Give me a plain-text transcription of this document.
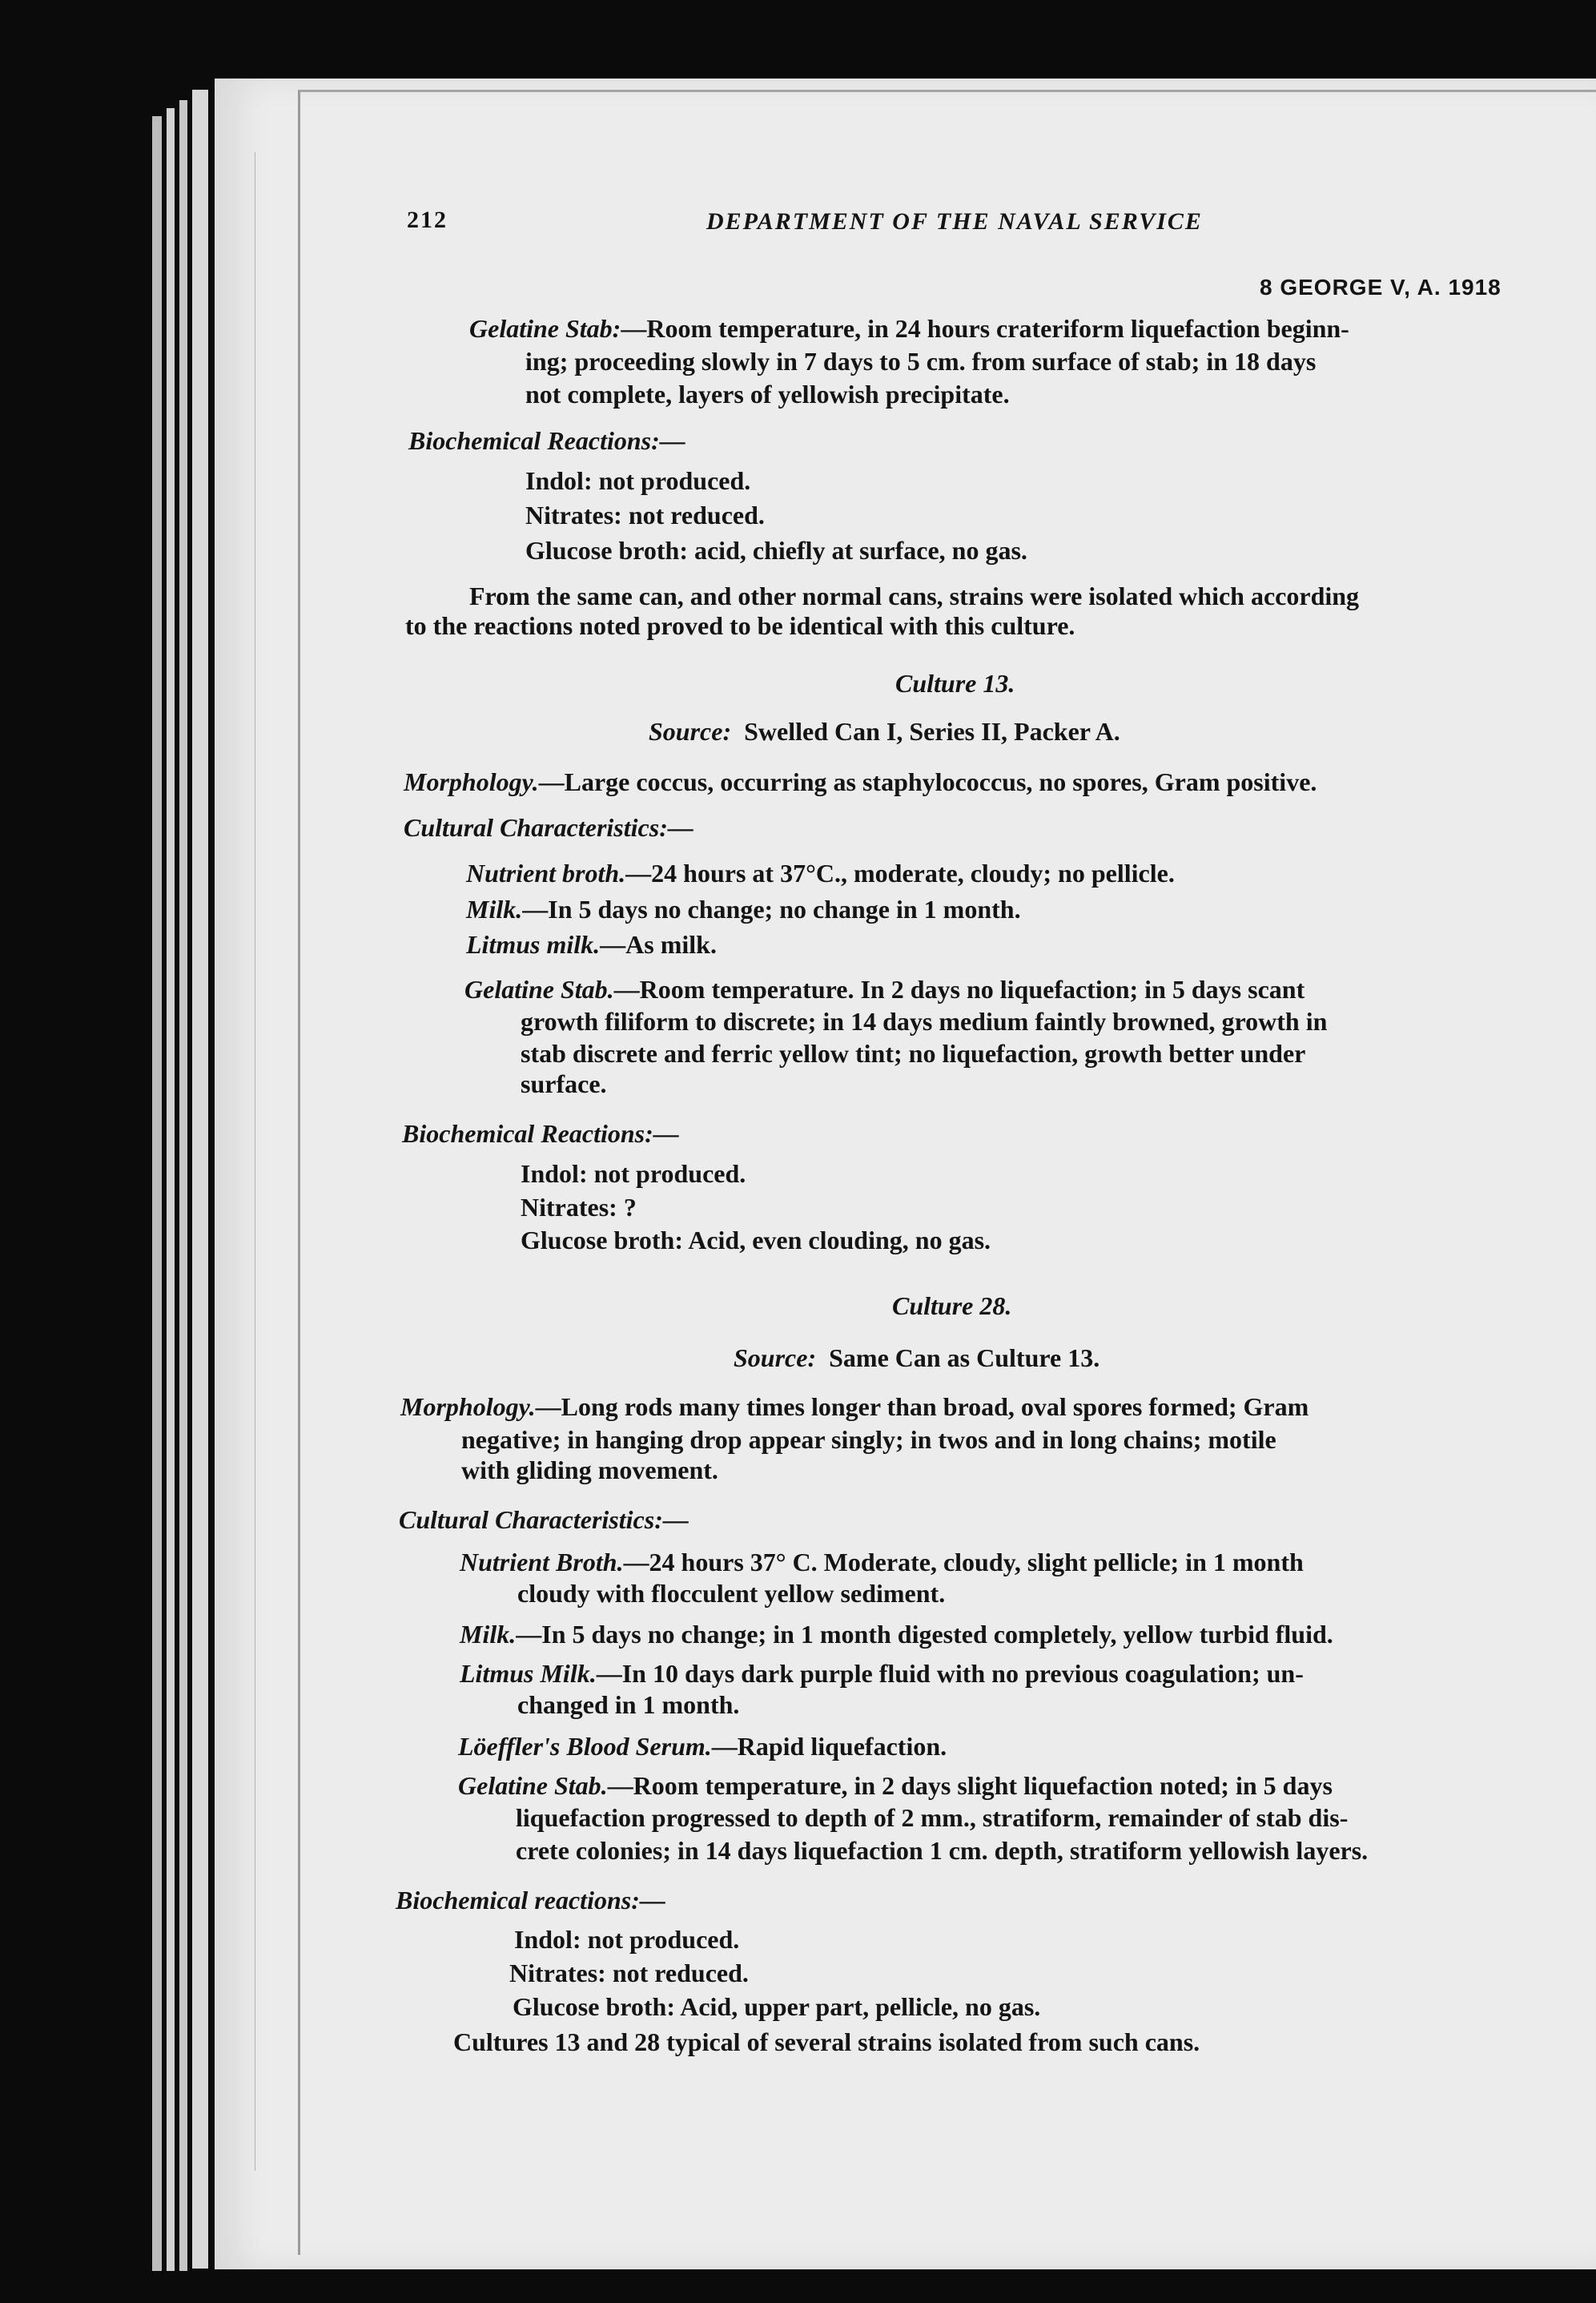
212	DEPARTMENT OF THE NAVAL SERVICE
8 GEORGE V, A. 1918
Gelatine Stab:—Room temperature, in 24 hours crateriform liquefaction beginn-
ing; proceeding slowly in 7 days to 5 cm. from surface of stab; in 18 days
not complete, layers of yellowish precipitate.
Biochemical Reactions:—
Indol: not produced.
Nitrates: not reduced.
Glucose broth: acid, chiefly at surface, no gas.
From the same can, and other normal cans, strains were isolated which according
to the reactions noted proved to be identical with this culture.
Culture 13.
Source: Swelled Can I, Series II, Packer A.
Morphology.—Large coccus, occurring as staphylococcus, no spores, Gram positive.
Cultural Characteristics:—
Nutrient broth.—24 hours at 37°C., moderate, cloudy; no pellicle.
Milk.—In 5 days no change; no change in 1 month.
Litmus milk.—As milk.
Gelatine Stab.—Room temperature. In 2 days no liquefaction; in 5 days scant
growth filiform to discrete; in 14 days medium faintly browned, growth in
stab discrete and ferric yellow tint; no liquefaction, growth better under
surface.
Biochemical Reactions:—
Indol: not produced.
Nitrates: ?
Glucose broth: Acid, even clouding, no gas.
Culture 28.
Source: Same Can as Culture 13.
Morphology.—Long rods many times longer than broad, oval spores formed; Gram
negative; in hanging drop appear singly; in twos and in long chains; motile
with gliding movement.
Cultural Characteristics:—
Nutrient Broth.—24 hours 37° C. Moderate, cloudy, slight pellicle; in 1 month
cloudy with flocculent yellow sediment.
Milk.—In 5 days no change; in 1 month digested completely, yellow turbid fluid.
Litmus Milk.—In 10 days dark purple fluid with no previous coagulation; un-
changed in 1 month.
Löeffler's Blood Serum.—Rapid liquefaction.
Gelatine Stab.—Room temperature, in 2 days slight liquefaction noted; in 5 days
liquefaction progressed to depth of 2 mm., stratiform, remainder of stab dis-
crete colonies; in 14 days liquefaction 1 cm. depth, stratiform yellowish layers.
Biochemical reactions:—
Indol: not produced.
Nitrates: not reduced.
Glucose broth: Acid, upper part, pellicle, no gas.
Cultures 13 and 28 typical of several strains isolated from such cans.
